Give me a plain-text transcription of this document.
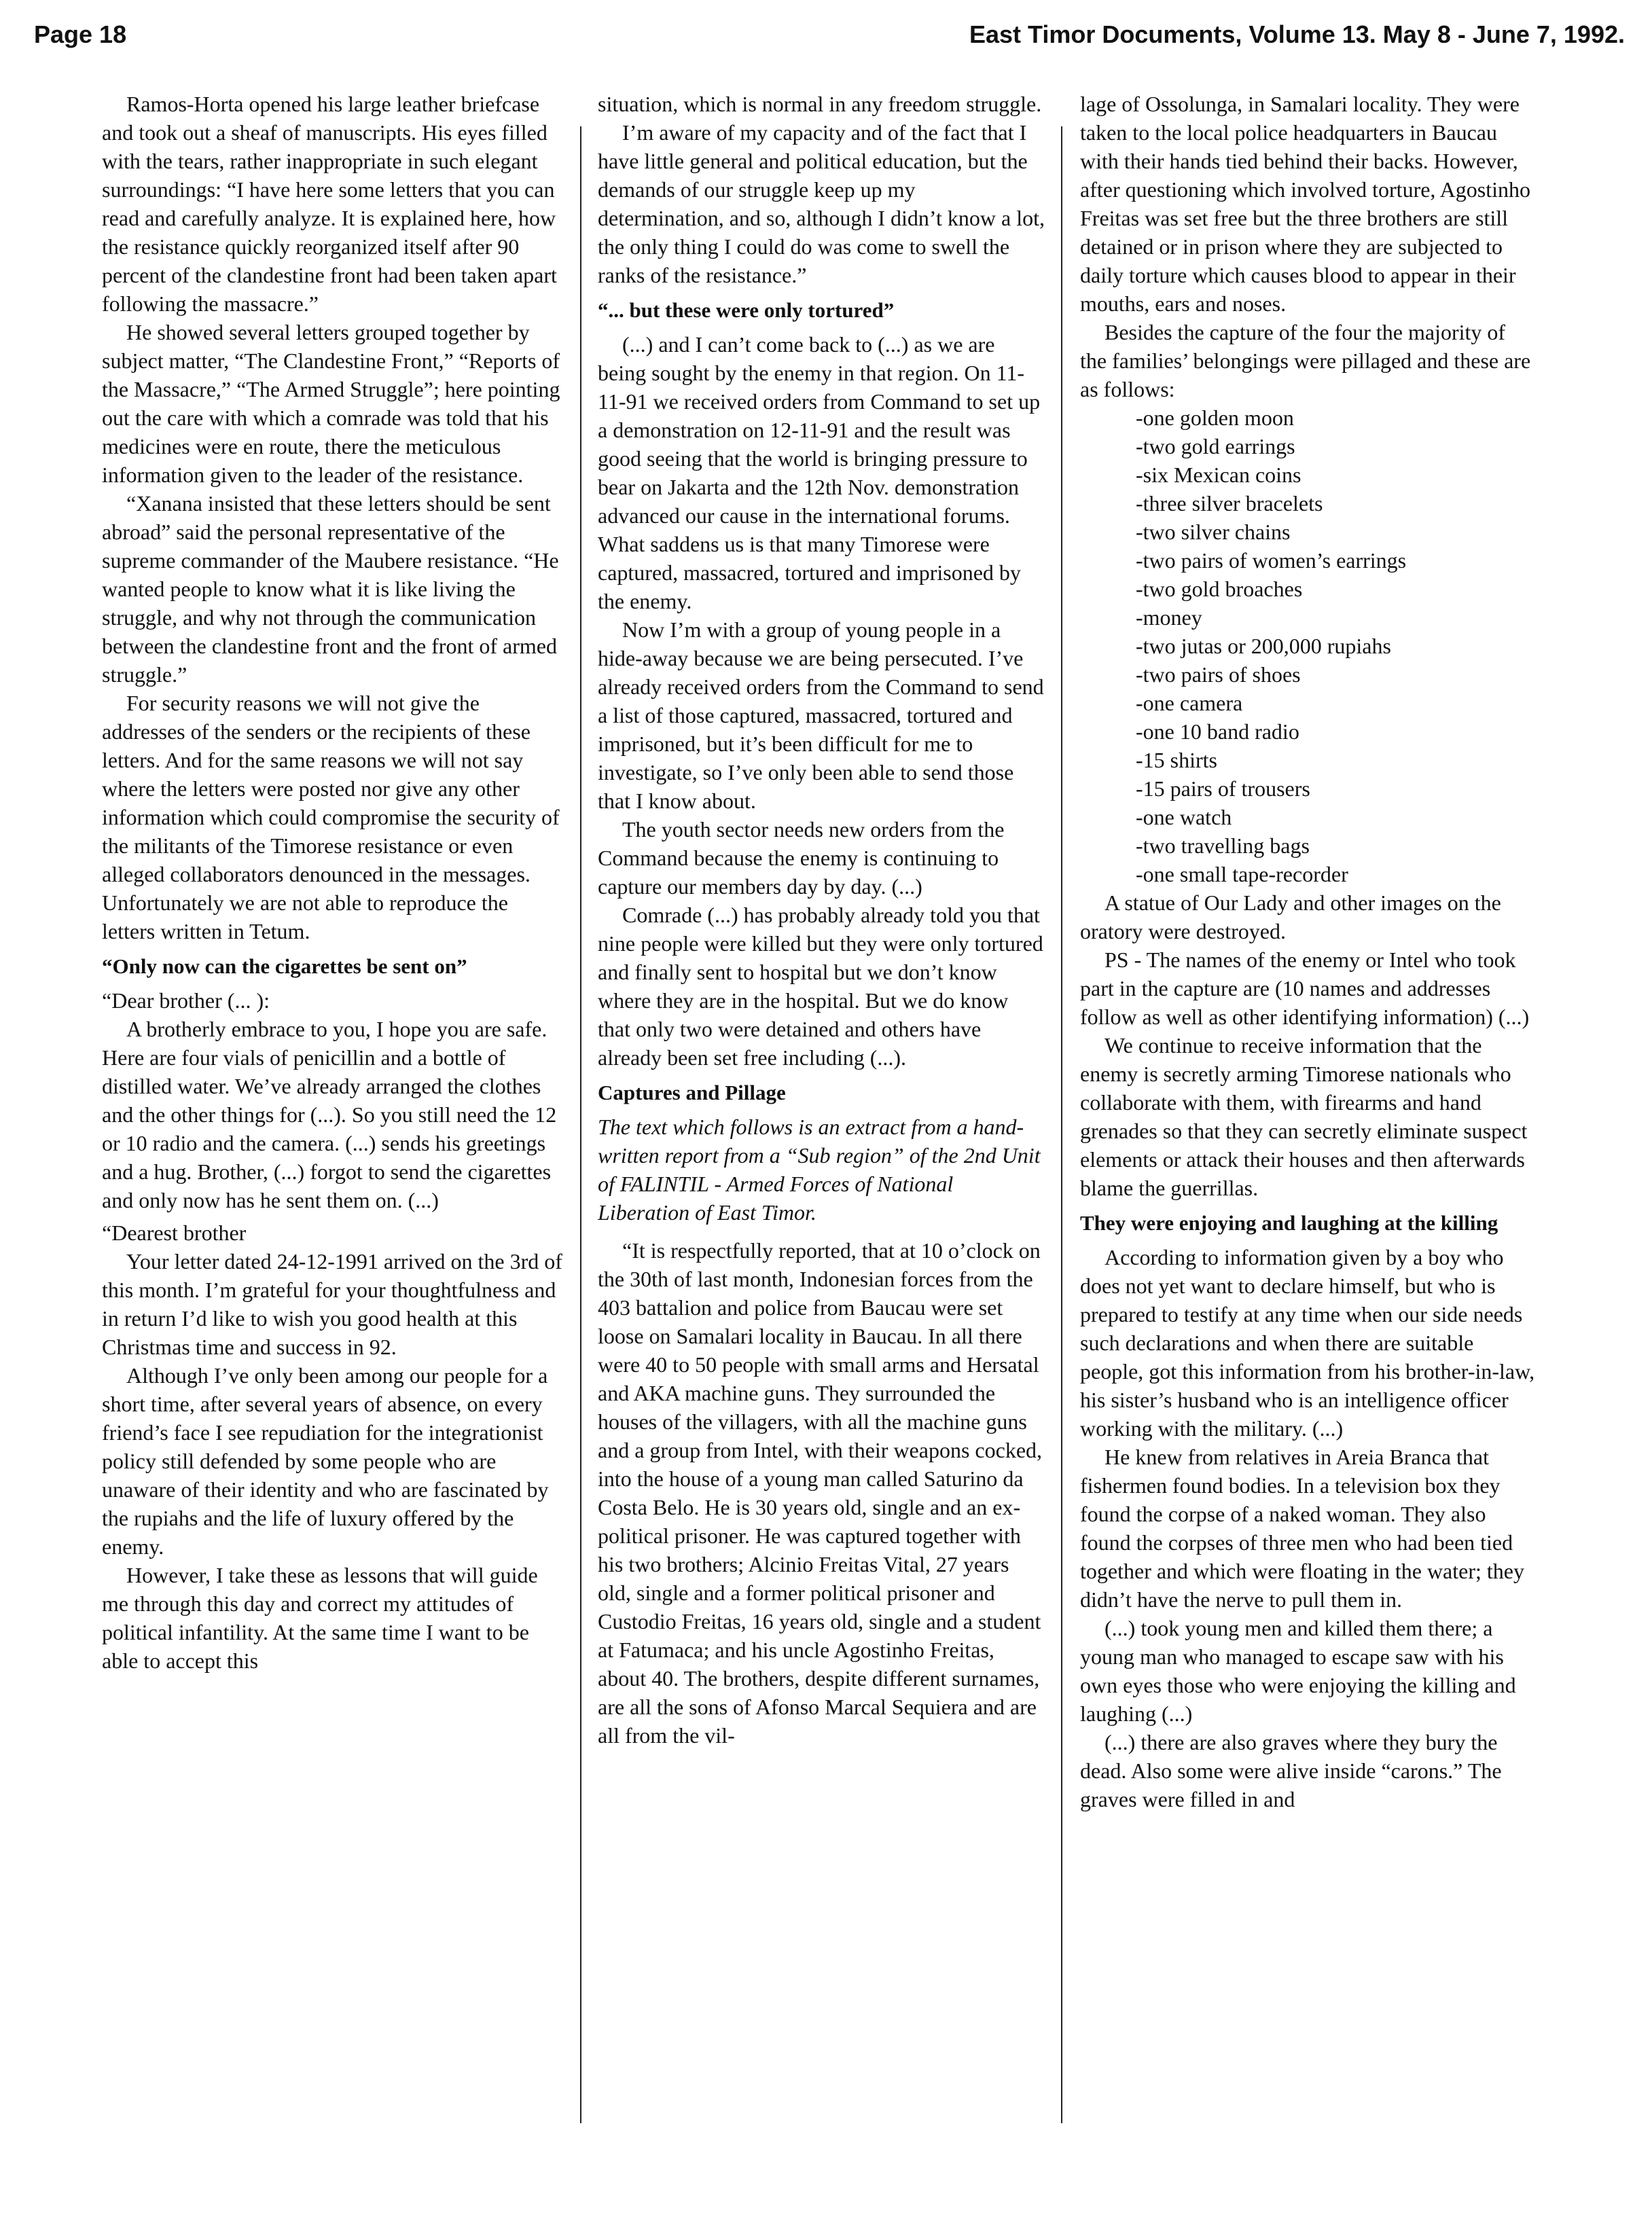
Page 18	East Timor Documents, Volume 13. May 8 - June 7, 1992.

Ramos-Horta opened his large leather briefcase and took out a sheaf of manuscripts. His eyes filled with the tears, rather inappropriate in such elegant surroundings: “I have here some letters that you can read and carefully analyze. It is explained here, how the resistance quickly reorganized itself after 90 percent of the clandestine front had been taken apart following the massacre.”

He showed several letters grouped together by subject matter, “The Clandestine Front,” “Reports of the Massacre,” “The Armed Struggle”; here pointing out the care with which a comrade was told that his medicines were en route, there the meticulous information given to the leader of the resistance.

“Xanana insisted that these letters should be sent abroad” said the personal representative of the supreme commander of the Maubere resistance. “He wanted people to know what it is like living the struggle, and why not through the communication between the clandestine front and the front of armed struggle.”

For security reasons we will not give the addresses of the senders or the recipients of these letters. And for the same reasons we will not say where the letters were posted nor give any other information which could compromise the security of the militants of the Timorese resistance or even alleged collaborators denounced in the messages. Unfortunately we are not able to reproduce the letters written in Tetum.

“Only now can the cigarettes be sent on”

“Dear brother (... ):

A brotherly embrace to you, I hope you are safe. Here are four vials of penicillin and a bottle of distilled water. We’ve already arranged the clothes and the other things for (...). So you still need the 12 or 10 radio and the camera. (...) sends his greetings and a hug. Brother, (...) forgot to send the cigarettes and only now has he sent them on. (...)

“Dearest brother

Your letter dated 24-12-1991 arrived on the 3rd of this month. I’m grateful for your thoughtfulness and in return I’d like to wish you good health at this Christmas time and success in 92.

Although I’ve only been among our people for a short time, after several years of absence, on every friend’s face I see repudiation for the integrationist policy still defended by some people who are unaware of their identity and who are fascinated by the rupiahs and the life of luxury offered by the enemy.

However, I take these as lessons that will guide me through this day and correct my attitudes of political infantility. At the same time I want to be able to accept this

situation, which is normal in any freedom struggle.

I’m aware of my capacity and of the fact that I have little general and political education, but the demands of our struggle keep up my determination, and so, although I didn’t know a lot, the only thing I could do was come to swell the ranks of the resistance.”

“... but these were only tortured”

(...) and I can’t come back to (...) as we are being sought by the enemy in that region. On 11-11-91 we received orders from Command to set up a demonstration on 12-11-91 and the result was good seeing that the world is bringing pressure to bear on Jakarta and the 12th Nov. demonstration advanced our cause in the international forums. What saddens us is that many Timorese were captured, massacred, tortured and imprisoned by the enemy.

Now I’m with a group of young people in a hide-away because we are being persecuted. I’ve already received orders from the Command to send a list of those captured, massacred, tortured and imprisoned, but it’s been difficult for me to investigate, so I’ve only been able to send those that I know about.

The youth sector needs new orders from the Command because the enemy is continuing to capture our members day by day. (...)

Comrade (...) has probably already told you that nine people were killed but they were only tortured and finally sent to hospital but we don’t know where they are in the hospital. But we do know that only two were detained and others have already been set free including (...).

Captures and Pillage

The text which follows is an extract from a hand-written report from a “Sub region” of the 2nd Unit of FALINTIL - Armed Forces of National Liberation of East Timor.

“It is respectfully reported, that at 10 o’clock on the 30th of last month, Indonesian forces from the 403 battalion and police from Baucau were set loose on Samalari locality in Baucau. In all there were 40 to 50 people with small arms and Hersatal and AKA machine guns. They surrounded the houses of the villagers, with all the machine guns and a group from Intel, with their weapons cocked, into the house of a young man called Saturino da Costa Belo. He is 30 years old, single and an ex-political prisoner. He was captured together with his two brothers; Alcinio Freitas Vital, 27 years old, single and a former political prisoner and Custodio Freitas, 16 years old, single and a student at Fatumaca; and his uncle Agostinho Freitas, about 40. The brothers, despite different surnames, are all the sons of Afonso Marcal Sequiera and are all from the vil-

lage of Ossolunga, in Samalari locality. They were taken to the local police headquarters in Baucau with their hands tied behind their backs. However, after questioning which involved torture, Agostinho Freitas was set free but the three brothers are still detained or in prison where they are subjected to daily torture which causes blood to appear in their mouths, ears and noses.

Besides the capture of the four the majority of the families’ belongings were pillaged and these are as follows:

-one golden moon
-two gold earrings
-six Mexican coins
-three silver bracelets
-two silver chains
-two pairs of women’s earrings
-two gold broaches
-money
-two jutas or 200,000 rupiahs
-two pairs of shoes
-one camera
-one 10 band radio
-15 shirts
-15 pairs of trousers
-one watch
-two travelling bags
-one small tape-recorder

A statue of Our Lady and other images on the oratory were destroyed.

PS - The names of the enemy or Intel who took part in the capture are (10 names and addresses follow as well as other identifying information) (...)

We continue to receive information that the enemy is secretly arming Timorese nationals who collaborate with them, with firearms and hand grenades so that they can secretly eliminate suspect elements or attack their houses and then afterwards blame the guerrillas.

They were enjoying and laughing at the killing

According to information given by a boy who does not yet want to declare himself, but who is prepared to testify at any time when our side needs such declarations and when there are suitable people, got this information from his brother-in-law, his sister’s husband who is an intelligence officer working with the military. (...)

He knew from relatives in Areia Branca that fishermen found bodies. In a television box they found the corpse of a naked woman. They also found the corpses of three men who had been tied together and which were floating in the water; they didn’t have the nerve to pull them in.

(...) took young men and killed them there; a young man who managed to escape saw with his own eyes those who were enjoying the killing and laughing (...)

(...) there are also graves where they bury the dead. Also some were alive inside “carons.” The graves were filled in and
